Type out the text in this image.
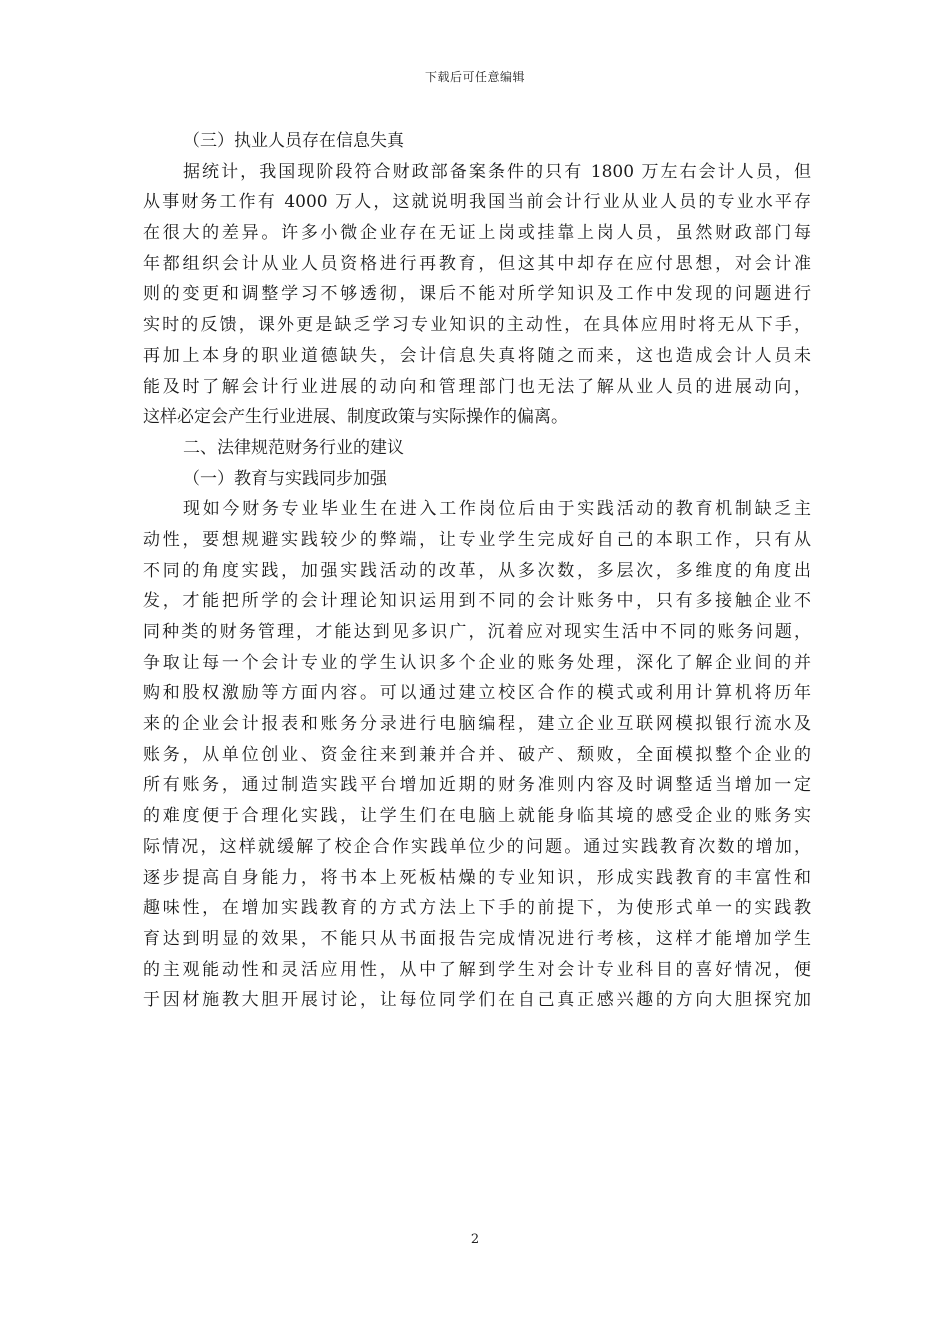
下载后可任意编辑
（三）执业人员存在信息失真
据统计，我国现阶段符合财政部备案条件的只有 1800 万左右会计人员，但
从事财务工作有 4000 万人，这就说明我国当前会计行业从业人员的专业水平存
在很大的差异。许多小微企业存在无证上岗或挂靠上岗人员，虽然财政部门每
年都组织会计从业人员资格进行再教育，但这其中却存在应付思想，对会计准
则的变更和调整学习不够透彻，课后不能对所学知识及工作中发现的问题进行
实时的反馈，课外更是缺乏学习专业知识的主动性，在具体应用时将无从下手，
再加上本身的职业道德缺失，会计信息失真将随之而来，这也造成会计人员未
能及时了解会计行业进展的动向和管理部门也无法了解从业人员的进展动向，
这样必定会产生行业进展、制度政策与实际操作的偏离。
二、法律规范财务行业的建议
（一）教育与实践同步加强
现如今财务专业毕业生在进入工作岗位后由于实践活动的教育机制缺乏主
动性，要想规避实践较少的弊端，让专业学生完成好自己的本职工作，只有从
不同的角度实践，加强实践活动的改革，从多次数，多层次，多维度的角度出
发，才能把所学的会计理论知识运用到不同的会计账务中，只有多接触企业不
同种类的财务管理，才能达到见多识广，沉着应对现实生活中不同的账务问题，
争取让每一个会计专业的学生认识多个企业的账务处理，深化了解企业间的并
购和股权激励等方面内容。可以通过建立校区合作的模式或利用计算机将历年
来的企业会计报表和账务分录进行电脑编程，建立企业互联网模拟银行流水及
账务，从单位创业、资金往来到兼并合并、破产、颓败，全面模拟整个企业的
所有账务，通过制造实践平台增加近期的财务准则内容及时调整适当增加一定
的难度便于合理化实践，让学生们在电脑上就能身临其境的感受企业的账务实
际情况，这样就缓解了校企合作实践单位少的问题。通过实践教育次数的增加，
逐步提高自身能力，将书本上死板枯燥的专业知识，形成实践教育的丰富性和
趣味性，在增加实践教育的方式方法上下手的前提下，为使形式单一的实践教
育达到明显的效果，不能只从书面报告完成情况进行考核，这样才能增加学生
的主观能动性和灵活应用性，从中了解到学生对会计专业科目的喜好情况，便
于因材施教大胆开展讨论，让每位同学们在自己真正感兴趣的方向大胆探究加
2
